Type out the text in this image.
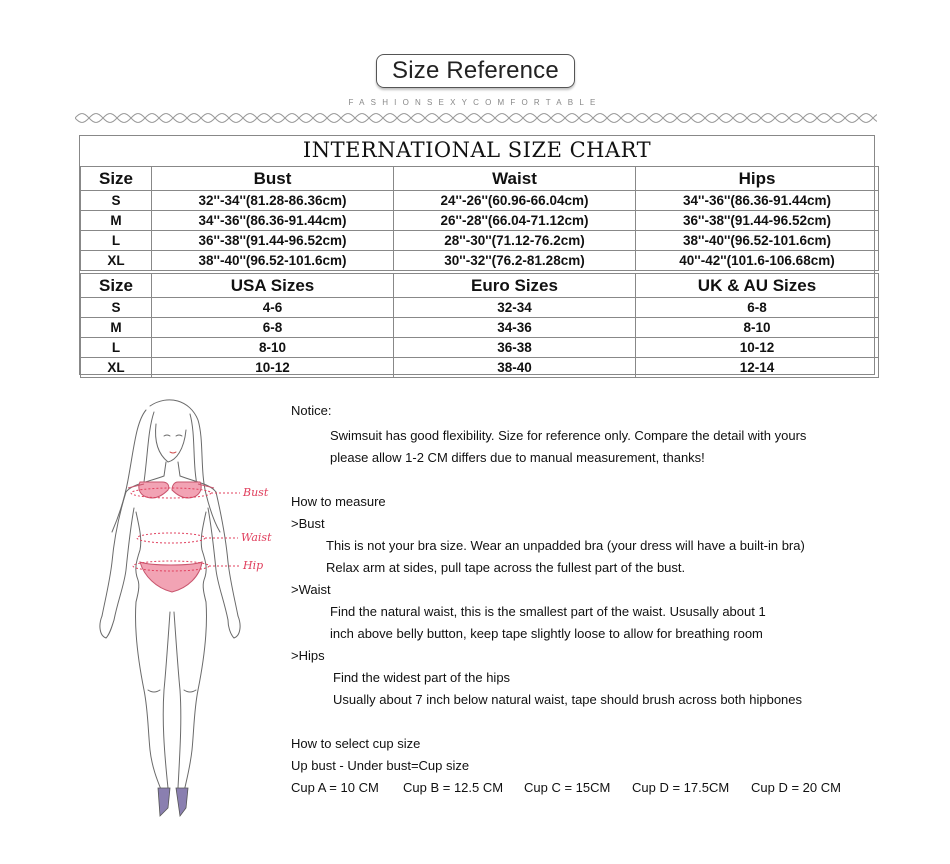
Size Reference
FASHIONSEXYCOMFORTABLE
INTERNATIONAL SIZE CHART
Size	Bust	Waist	Hips
S	32''-34''(81.28-86.36cm)	24''-26''(60.96-66.04cm)	34''-36''(86.36-91.44cm)
M	34''-36''(86.36-91.44cm)	26''-28''(66.04-71.12cm)	36''-38''(91.44-96.52cm)
L	36''-38''(91.44-96.52cm)	28''-30''(71.12-76.2cm)	38''-40''(96.52-101.6cm)
XL	38''-40''(96.52-101.6cm)	30''-32''(76.2-81.28cm)	40''-42''(101.6-106.68cm)
Size	USA Sizes	Euro Sizes	UK & AU Sizes
S	4-6	32-34	6-8
M	6-8	34-36	8-10
L	8-10	36-38	10-12
XL	10-12	38-40	12-14
Bust
Waist
Hip
Notice:
Swimsuit has good flexibility. Size for reference only. Compare the detail with yours
please allow 1-2 CM differs due to manual measurement, thanks!
How to measure
>Bust
This is not your bra size. Wear an unpadded bra (your dress will have a built-in bra)
Relax arm at sides, pull tape across the fullest part of the bust.
>Waist
Find the natural waist, this is the smallest part of the waist. Ususally about 1
inch above belly button, keep tape slightly loose to allow for breathing room
>Hips
Find the widest part of the hips
Usually about 7 inch below natural waist, tape should brush across both hipbones
How to select cup size
Up bust - Under bust=Cup size
Cup A = 10 CM Cup B = 12.5 CM Cup C = 15CM Cup D = 17.5CM Cup D = 20 CM
